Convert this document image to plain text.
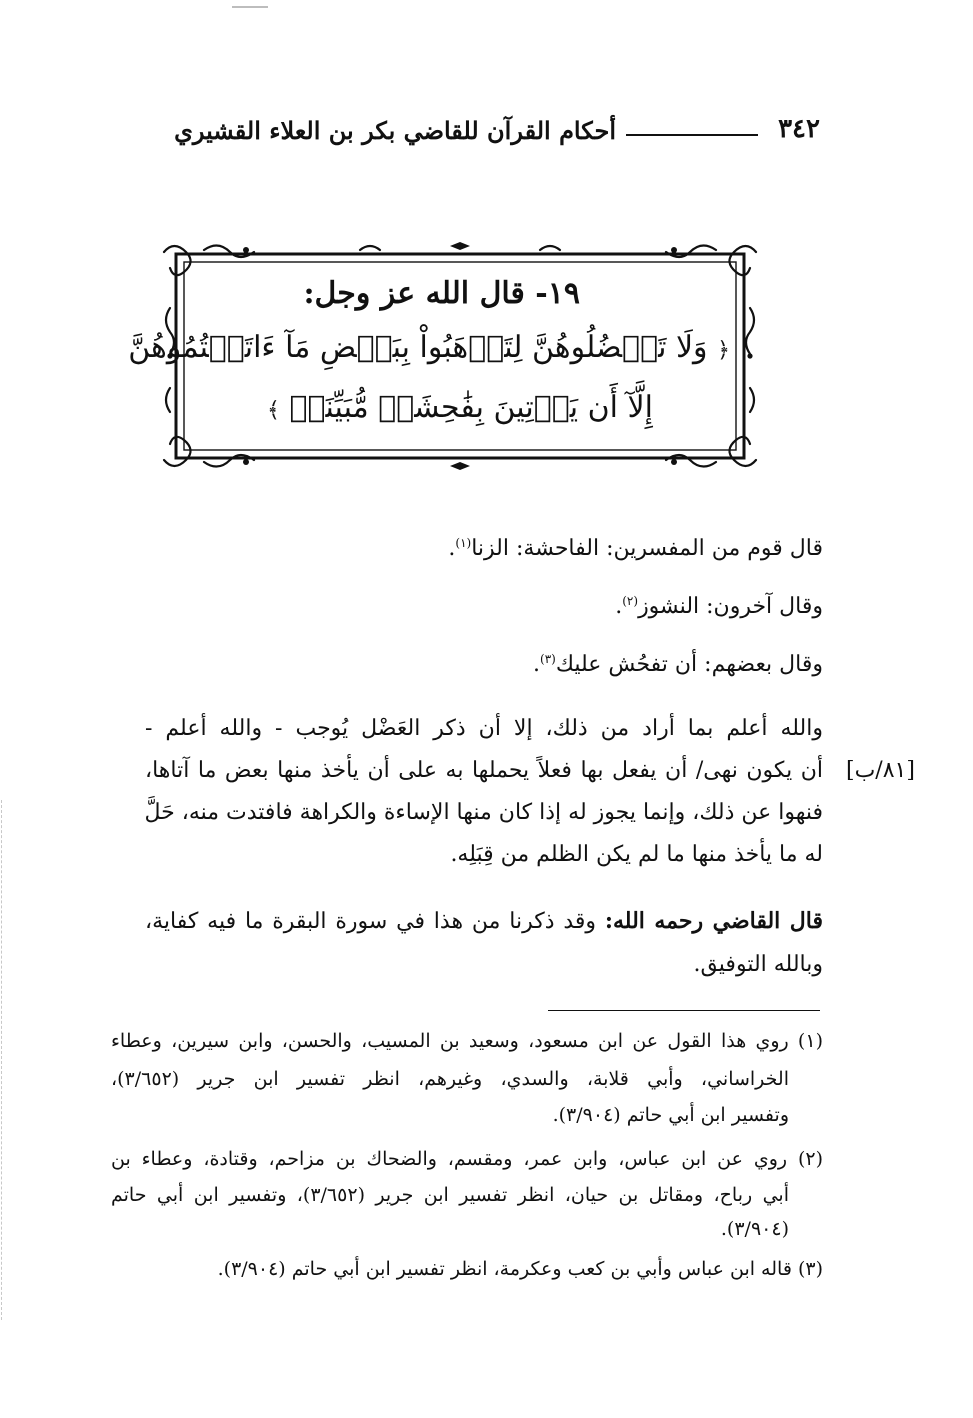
٣٤٢
أحكام القرآن للقاضي بكر بن العلاء القشيري
١٩- قال الله عز وجل:
﴿ وَلَا تَعۡضُلُوهُنَّ لِتَذۡهَبُواْ بِبَعۡضِ مَآ ءَاتَيۡتُمُوهُنَّ
إِلَّآ أَن يَأۡتِينَ بِفَٰحِشَةٖ مُّبَيِّنَةٖ ﴾
قال قوم من المفسرين: الفاحشة: الزنا$^{(١)}$.
وقال آخرون: النشوز$^{(٢)}$.
وقال بعضهم: أن تفحُش عليك$^{(٣)}$.
والله أعلم بما أراد من ذلك، إلا أن ذكر العَضْل يُوجب - والله أعلم -
أن يكون نهى/ أن يفعل بها فعلاً يحملها به على أن يأخذ منها بعض ما آتاها، [٨١/ب]
فنهوا عن ذلك، وإنما يجوز له إذا كان منها الإساءة والكراهة فافتدت منه، حَلَّ
له ما يأخذ منها ما لم يكن الظلم من قِبَلِه.
قال القاضي رحمه الله: وقد ذكرنا من هذا في سورة البقرة ما فيه كفاية،
وبالله التوفيق.
(١) روي هذا القول عن ابن مسعود، وسعيد بن المسيب، والحسن، وابن سيرين، وعطاء
الخراساني، وأبي قلابة، والسدي، وغيرهم، انظر تفسير ابن جرير (٣/٦٥٢)،
وتفسير ابن أبي حاتم (٣/٩٠٤).
(٢) روي عن ابن عباس، وابن عمر، ومقسم، والضحاك بن مزاحم، وقتادة، وعطاء بن
أبي رباح، ومقاتل بن حيان، انظر تفسير ابن جرير (٣/٦٥٢)، وتفسير ابن أبي حاتم
(٣/٩٠٤).
(٣) قاله ابن عباس وأبي بن كعب وعكرمة، انظر تفسير ابن أبي حاتم (٣/٩٠٤).
